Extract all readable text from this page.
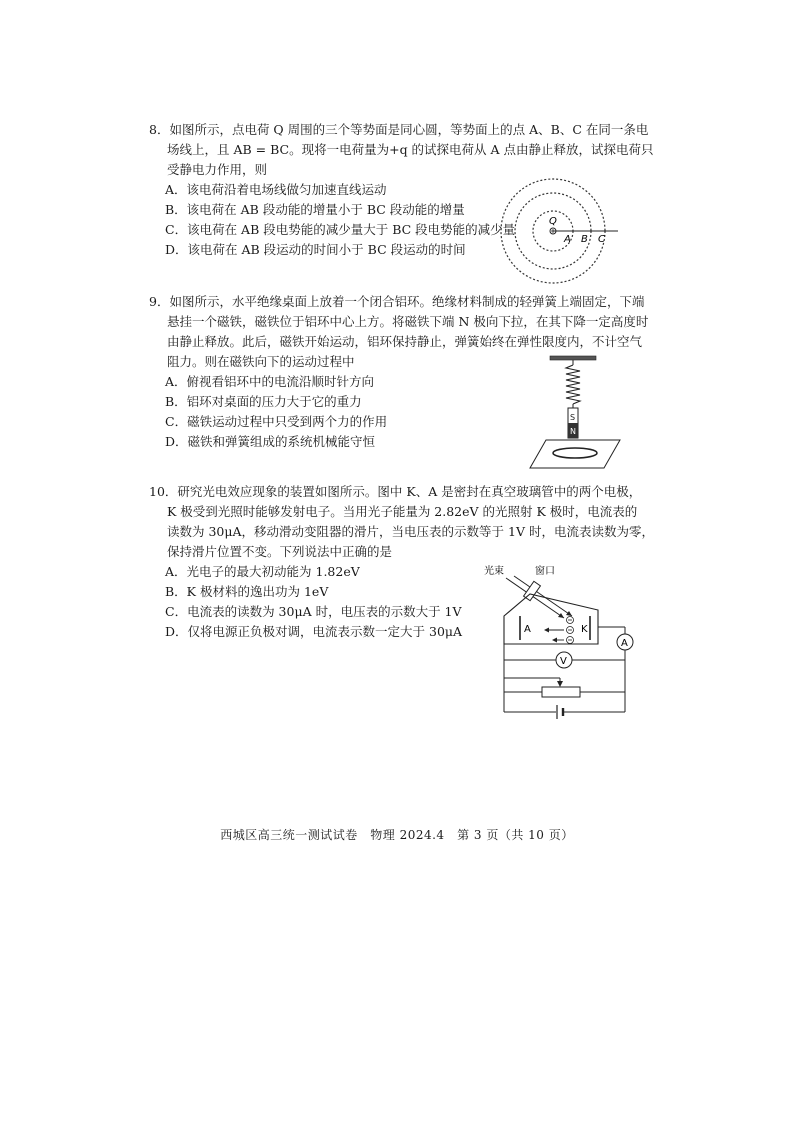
8．如图所示，点电荷 Q 周围的三个等势面是同心圆，等势面上的点 A、B、C 在同一条电
场线上，且 AB = BC。现将一电荷量为+q 的试探电荷从 A 点由静止释放，试探电荷只
受静电力作用，则
A．该电荷沿着电场线做匀加速直线运动
B．该电荷在 AB 段动能的增量小于 BC 段动能的增量
C．该电荷在 AB 段电势能的减少量大于 BC 段电势能的减少量
D．该电荷在 AB 段运动的时间小于 BC 段运动的时间
Q
A B C
9．如图所示，水平绝缘桌面上放着一个闭合铝环。绝缘材料制成的轻弹簧上端固定，下端
悬挂一个磁铁，磁铁位于铝环中心上方。将磁铁下端 N 极向下拉，在其下降一定高度时
由静止释放。此后，磁铁开始运动，铝环保持静止，弹簧始终在弹性限度内，不计空气
阻力。则在磁铁向下的运动过程中
A．俯视看铝环中的电流沿顺时针方向
B．铝环对桌面的压力大于它的重力
C．磁铁运动过程中只受到两个力的作用
D．磁铁和弹簧组成的系统机械能守恒
S
N
10．研究光电效应现象的装置如图所示。图中 K、A 是密封在真空玻璃管中的两个电极，
K 极受到光照时能够发射电子。当用光子能量为 2.82eV 的光照射 K 极时，电流表的
读数为 30μA，移动滑动变阻器的滑片，当电压表的示数等于 1V 时，电流表读数为零，
保持滑片位置不变。下列说法中正确的是
A．光电子的最大初动能为 1.82eV
B．K 极材料的逸出功为 1eV
C．电流表的读数为 30μA 时，电压表的示数大于 1V
D．仅将电源正负极对调，电流表示数一定大于 30μA
光束	窗口
A	K
A
V
西城区高三统一测试试卷　物理 2024.4　第 3 页（共 10 页）
